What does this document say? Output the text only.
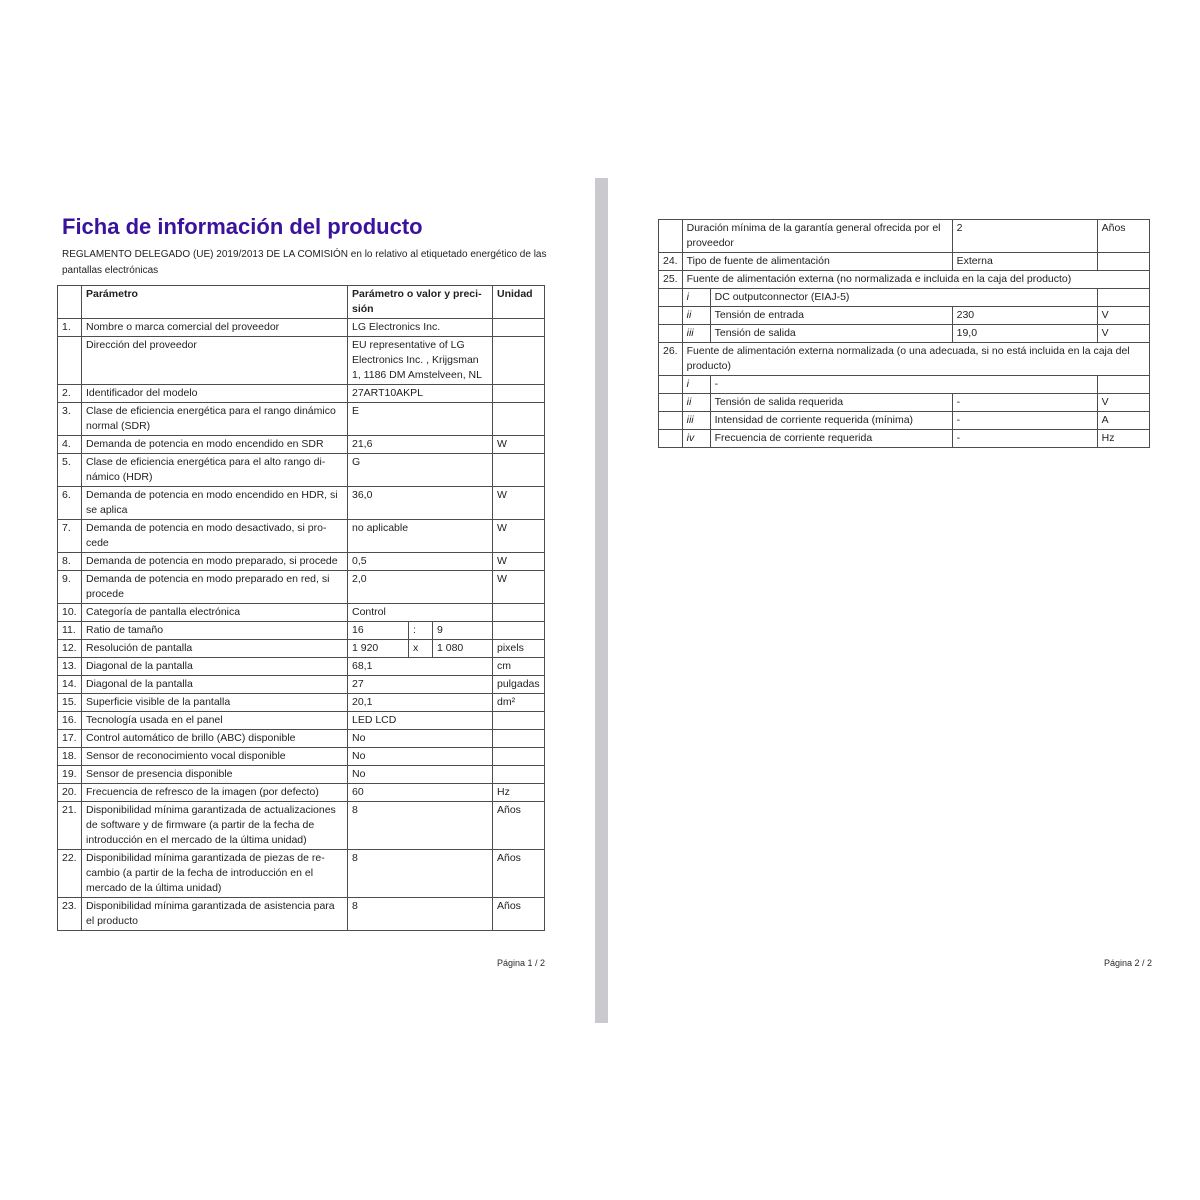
Ficha de información del producto
REGLAMENTO DELEGADO (UE) 2019/2013 DE LA COMISIÓN en lo relativo al etiquetado energético de las pantallas electrónicas
	Parámetro	Parámetro o valor y precisión			Unidad
1.	Nombre o marca comercial del proveedor	LG Electronics Inc.			
	Dirección del proveedor	EU representative of LG Electronics Inc. , Krijgsman 1, 1186 DM Amstelveen, NL			
2.	Identificador del modelo	27ART10AKPL			
3.	Clase de eficiencia energética para el rango dinámico normal (SDR)	E			
4.	Demanda de potencia en modo encendido en SDR	21,6			W
5.	Clase de eficiencia energética para el alto rango dinámico (HDR)	G			
6.	Demanda de potencia en modo encendido en HDR, si se aplica	36,0			W
7.	Demanda de potencia en modo desactivado, si procede	no aplicable			W
8.	Demanda de potencia en modo preparado, si procede	0,5			W
9.	Demanda de potencia en modo preparado en red, si procede	2,0			W
10.	Categoría de pantalla electrónica	Control			
11.	Ratio de tamaño	16	:	9	
12.	Resolución de pantalla	1 920	x	1 080	pixels
13.	Diagonal de la pantalla	68,1			cm
14.	Diagonal de la pantalla	27			pulgadas
15.	Superficie visible de la pantalla	20,1			dm²
16.	Tecnología usada en el panel	LED LCD			
17.	Control automático de brillo (ABC) disponible	No			
18.	Sensor de reconocimiento vocal disponible	No			
19.	Sensor de presencia disponible	No			
20.	Frecuencia de refresco de la imagen (por defecto)	60			Hz
21.	Disponibilidad mínima garantizada de actualizaciones de software y de firmware (a partir de la fecha de introducción en el mercado de la última unidad)	8			Años
22.	Disponibilidad mínima garantizada de piezas de recambio (a partir de la fecha de introducción en el mercado de la última unidad)	8			Años
23.	Disponibilidad mínima garantizada de asistencia para el producto	8			Años
	Duración mínima de la garantía general ofrecida por el proveedor		2	Años
24.	Tipo de fuente de alimentación		Externa	
25.	Fuente de alimentación externa (no normalizada e incluida en la caja del producto)			
	i	DC outputconnector (EIAJ-5)		
	ii	Tensión de entrada	230	V
	iii	Tensión de salida	19,0	V
26.	Fuente de alimentación externa normalizada (o una adecuada, si no está incluida en la caja del producto)			
	i	-		
	ii	Tensión de salida requerida	-	V
	iii	Intensidad de corriente requerida (mínima)	-	A
	iv	Frecuencia de corriente requerida	-	Hz
Página 1 / 2	Página 2 / 2
